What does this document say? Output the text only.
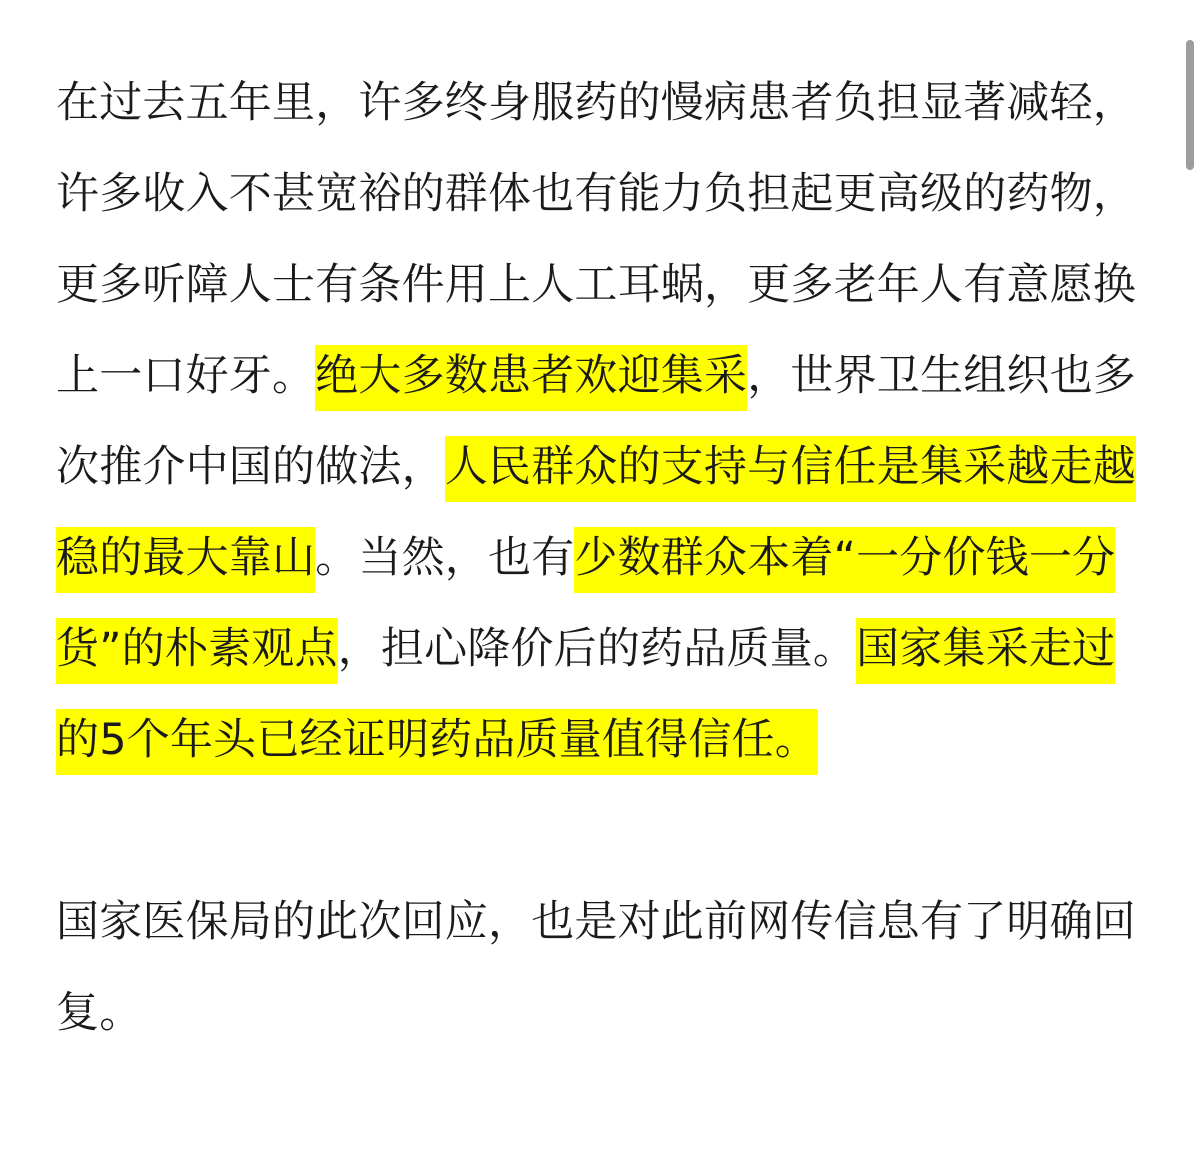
在过去五年里，许多终身服药的慢病患者负担显著减轻，许多收入不甚宽裕的群体也有能力负担起更高级的药物，更多听障人士有条件用上人工耳蜗，更多老年人有意愿换上一口好牙。绝大多数患者欢迎集采，世界卫生组织也多次推介中国的做法，人民群众的支持与信任是集采越走越稳的最大靠山。当然，也有少数群众本着“一分价钱一分货”的朴素观点，担心降价后的药品质量。国家集采走过的5个年头已经证明药品质量值得信任。

国家医保局的此次回应，也是对此前网传信息有了明确回复。
